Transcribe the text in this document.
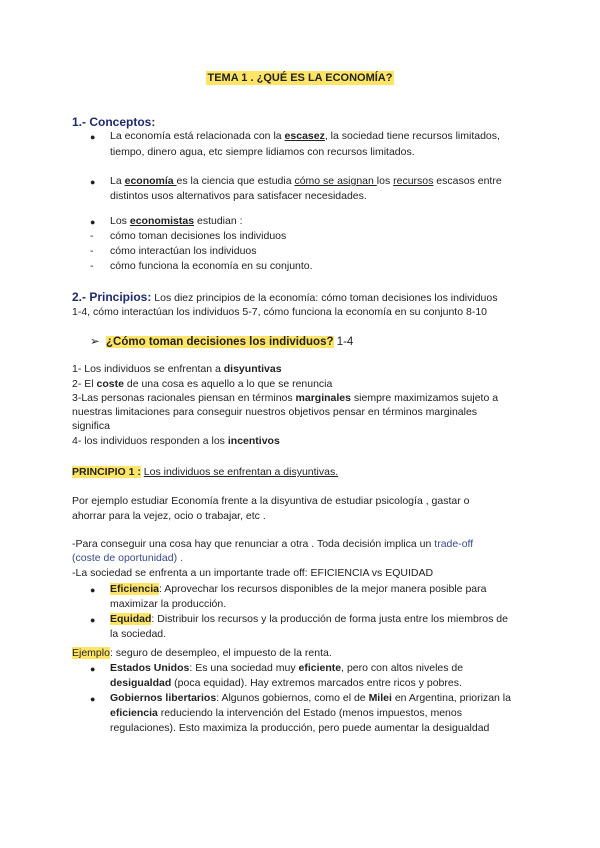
TEMA 1 . ¿QUÉ ES LA ECONOMÍA?
1.- Conceptos:
● La economía está relacionada con la escasez, la sociedad tiene recursos limitados,
tiempo, dinero agua, etc siempre lidiamos con recursos limitados.
● La economía es la ciencia que estudia cómo se asignan los recursos escasos entre
distintos usos alternativos para satisfacer necesidades.
● Los economistas estudian :
- cómo toman decisiones los individuos
- cómo interactúan los individuos
- cómo funciona la economía en su conjunto.
2.- Principios: Los diez principios de la economía: cómo toman decisiones los individuos
1-4, cómo interactúan los individuos 5-7, cómo funciona la economía en su conjunto 8-10
➢ ¿Cómo toman decisiones los individuos? 1-4
1- Los individuos se enfrentan a disyuntivas
2- El coste de una cosa es aquello a lo que se renuncia
3-Las personas racionales piensan en términos marginales siempre maximizamos sujeto a
nuestras limitaciones para conseguir nuestros objetivos pensar en términos marginales
significa
4- los individuos responden a los incentivos
PRINCIPIO 1 : Los individuos se enfrentan a disyuntivas.
Por ejemplo estudiar Economía frente a la disyuntiva de estudiar psicología , gastar o
ahorrar para la vejez, ocio o trabajar, etc .
-Para conseguir una cosa hay que renunciar a otra . Toda decisión implica un trade-off
(coste de oportunidad) .
-La sociedad se enfrenta a un importante trade off: EFICIENCIA vs EQUIDAD
● Eficiencia: Aprovechar los recursos disponibles de la mejor manera posible para
maximizar la producción.
● Equidad: Distribuir los recursos y la producción de forma justa entre los miembros de
la sociedad.
Ejemplo: seguro de desempleo, el impuesto de la renta.
● Estados Unidos: Es una sociedad muy eficiente, pero con altos niveles de
desigualdad (poca equidad). Hay extremos marcados entre ricos y pobres.
● Gobiernos libertarios: Algunos gobiernos, como el de Milei en Argentina, priorizan la
eficiencia reduciendo la intervención del Estado (menos impuestos, menos
regulaciones). Esto maximiza la producción, pero puede aumentar la desigualdad
